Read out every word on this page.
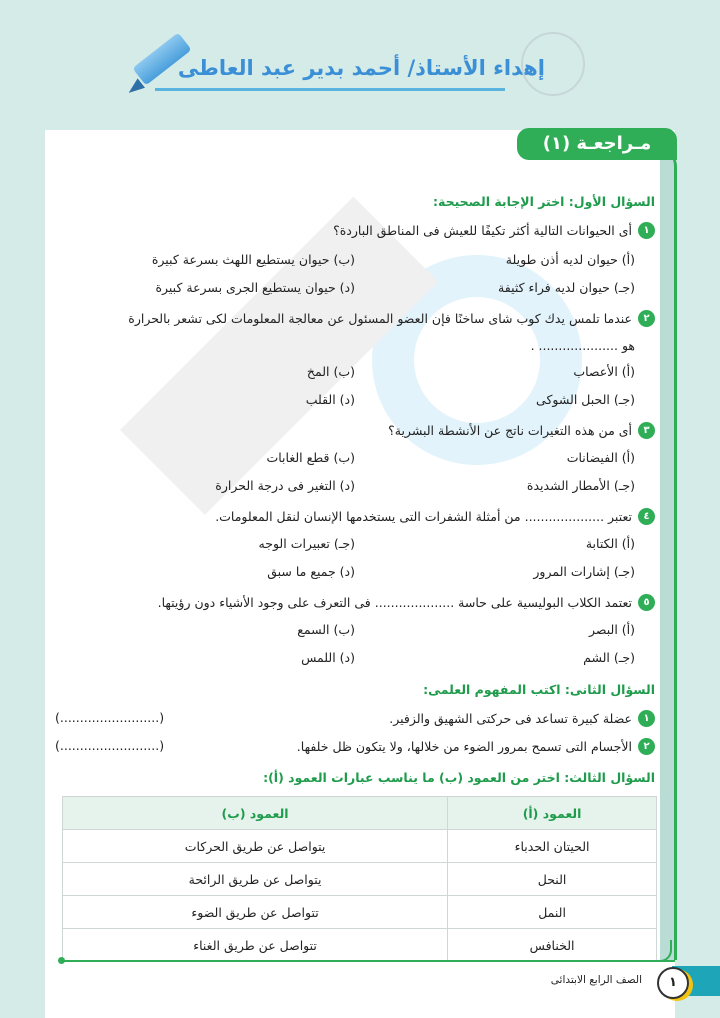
إهداء الأستاذ/ أحمد بدير عبد العاطى
مـراجعـة (١)
السؤال الأول: اختر الإجابة الصحيحة:
١
أى الحيوانات التالية أكثر تكيفًا للعيش فى المناطق الباردة؟
(أ) حيوان لديه أذن طويلة
(ب) حيوان يستطيع اللهث بسرعة كبيرة
(جـ) حيوان لديه فراء كثيفة
(د) حيوان يستطيع الجرى بسرعة كبيرة
٢
عندما تلمس يدك كوب شاى ساخنًا فإن العضو المسئول عن معالجة المعلومات لكى تشعر بالحرارة
هو .................... .
(أ) الأعصاب
(ب) المخ
(جـ) الحبل الشوكى
(د) القلب
٣
أى من هذه التغيرات ناتج عن الأنشطة البشرية؟
(أ) الفيضانات
(ب) قطع الغابات
(جـ) الأمطار الشديدة
(د) التغير فى درجة الحرارة
٤
تعتبر .................... من أمثلة الشفرات التى يستخدمها الإنسان لنقل المعلومات.
(أ) الكتابة
(جـ) تعبيرات الوجه
(جـ) إشارات المرور
(د) جميع ما سبق
٥
تعتمد الكلاب البوليسية على حاسة .................... فى التعرف على وجود الأشياء دون رؤيتها.
(أ) البصر
(ب) السمع
(جـ) الشم
(د) اللمس
السؤال الثانى: اكتب المفهوم العلمى:
١
عضلة كبيرة تساعد فى حركتى الشهيق والزفير.
(.........................)
٢
الأجسام التى تسمح بمرور الضوء من خلالها، ولا يتكون ظل خلفها.
(.........................)
السؤال الثالث: اختر من العمود (ب) ما يناسب عبارات العمود (أ):
العمود (أ)	العمود (ب)
الحيتان الحدباء	يتواصل عن طريق الحركات
النحل	يتواصل عن طريق الرائحة
النمل	تتواصل عن طريق الضوء
الخنافس	تتواصل عن طريق الغناء
١
الصف الرابع الابتدائى
